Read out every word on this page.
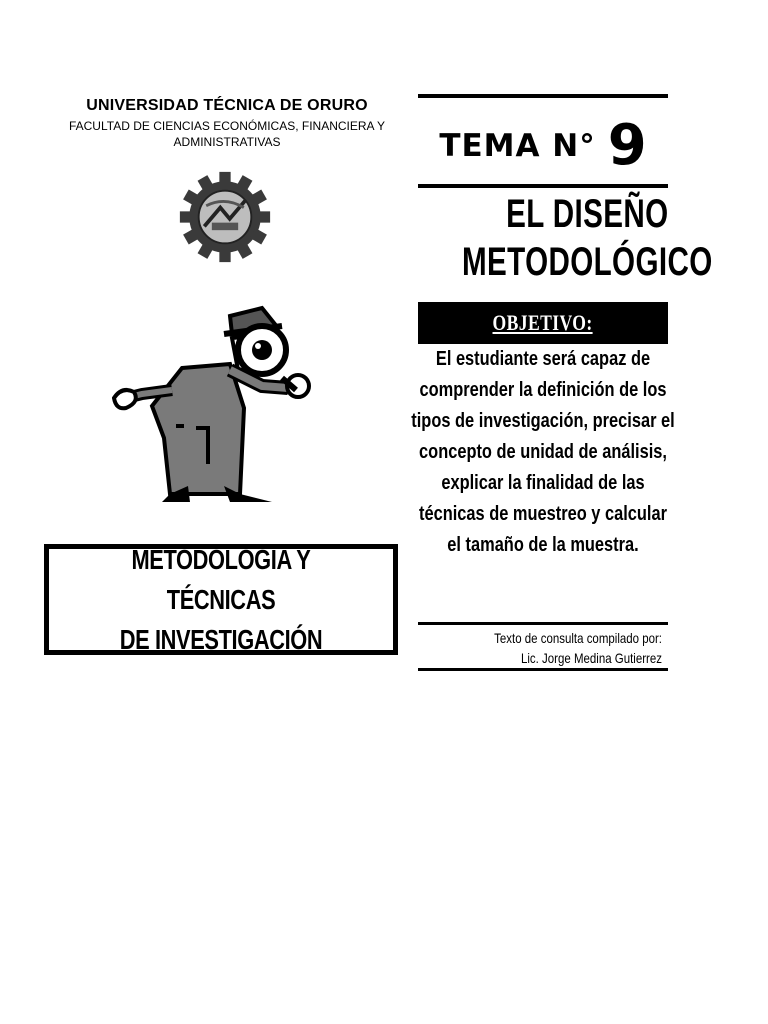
UNIVERSIDAD TÉCNICA DE ORURO
FACULTAD DE CIENCIAS ECONÓMICAS, FINANCIERA Y ADMINISTRATIVAS
METODOLOGÍA Y TÉCNICAS
DE INVESTIGACIÓN
TEMA N° 9
EL DISEÑO
METODOLÓGICO
OBJETIVO:
El estudiante será capaz de comprender la definición de los tipos de investigación, precisar el concepto de unidad de análisis, explicar la finalidad de las técnicas de muestreo y calcular el tamaño de la muestra.
Texto de consulta compilado por:
Lic. Jorge Medina Gutierrez
